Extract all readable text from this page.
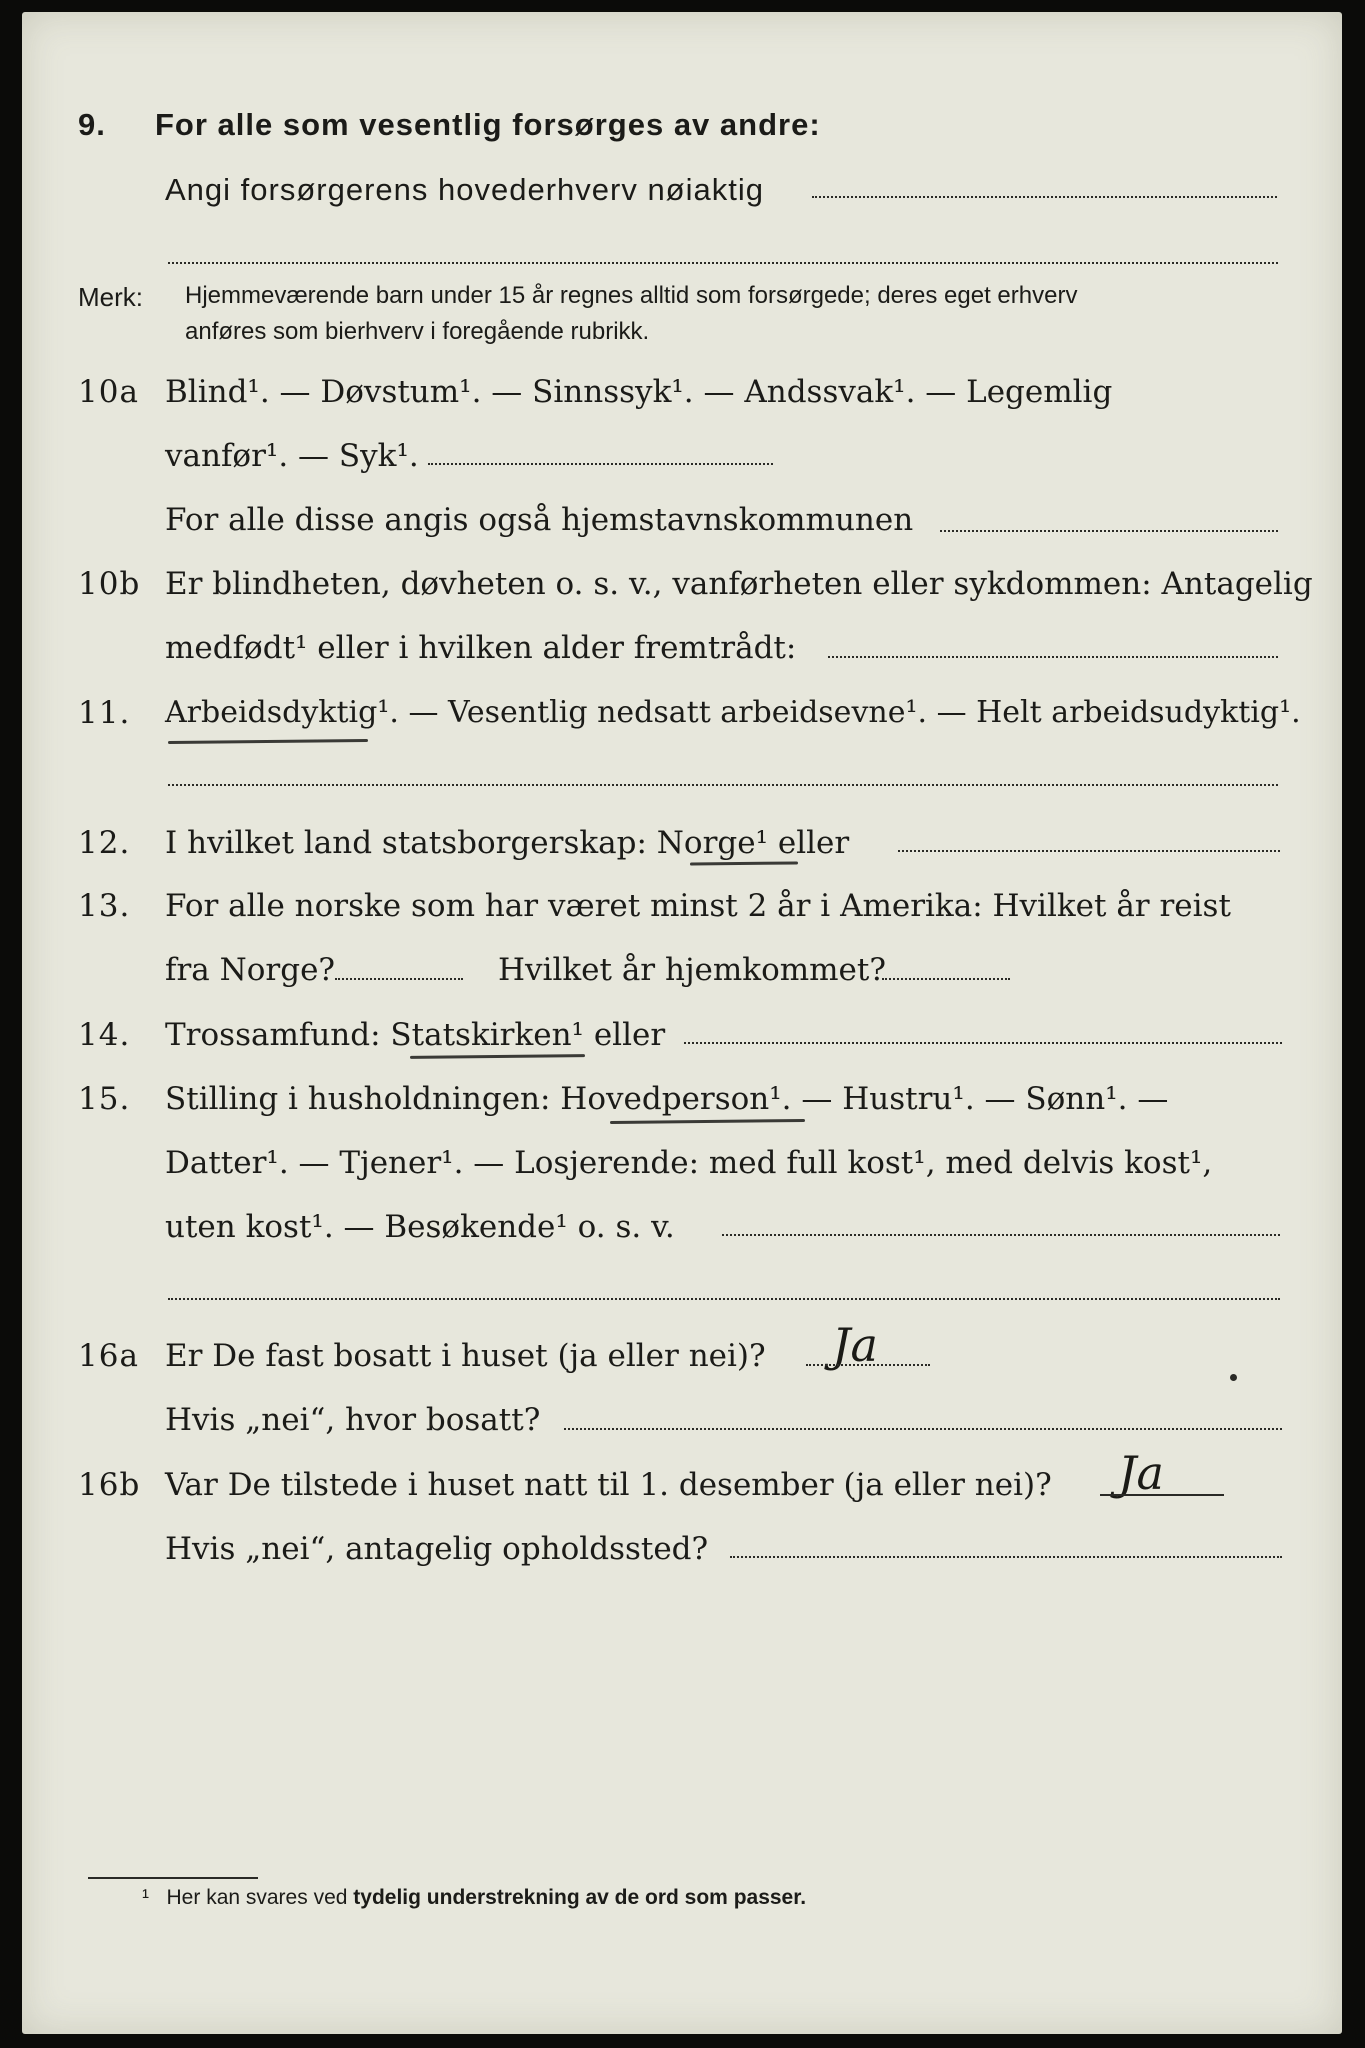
9. For alle som vesentlig forsørges av andre:
Angi forsørgerens hovederhverv nøiaktig
Merk: Hjemmeværende barn under 15 år regnes alltid som forsørgede; deres eget erhverv
anføres som bierhverv i foregående rubrikk.
10a Blind¹. — Døvstum¹. — Sinnssyk¹. — Andssvak¹. — Legemlig
vanfør¹. — Syk¹.
For alle disse angis også hjemstavnskommunen
10b Er blindheten, døvheten o. s. v., vanførheten eller sykdommen: Antagelig
medfødt¹ eller i hvilken alder fremtrådt:
11. Arbeidsdyktig¹. — Vesentlig nedsatt arbeidsevne¹. — Helt arbeidsudyktig¹.
12. I hvilket land statsborgerskap: Norge¹ eller
13. For alle norske som har været minst 2 år i Amerika: Hvilket år reist
fra Norge?	Hvilket år hjemkommet?
14. Trossamfund: Statskirken¹ eller
15. Stilling i husholdningen: Hovedperson¹. — Hustru¹. — Sønn¹. —
Datter¹. — Tjener¹. — Losjerende: med full kost¹, med delvis kost¹,
uten kost¹. — Besøkende¹ o. s. v.
16a Er De fast bosatt i huset (ja eller nei)? Ja
Hvis „nei“, hvor bosatt?
16b Var De tilstede i huset natt til 1. desember (ja eller nei)? Ja
Hvis „nei“, antagelig opholdssted?
¹ Her kan svares ved tydelig understrekning av de ord som passer.
